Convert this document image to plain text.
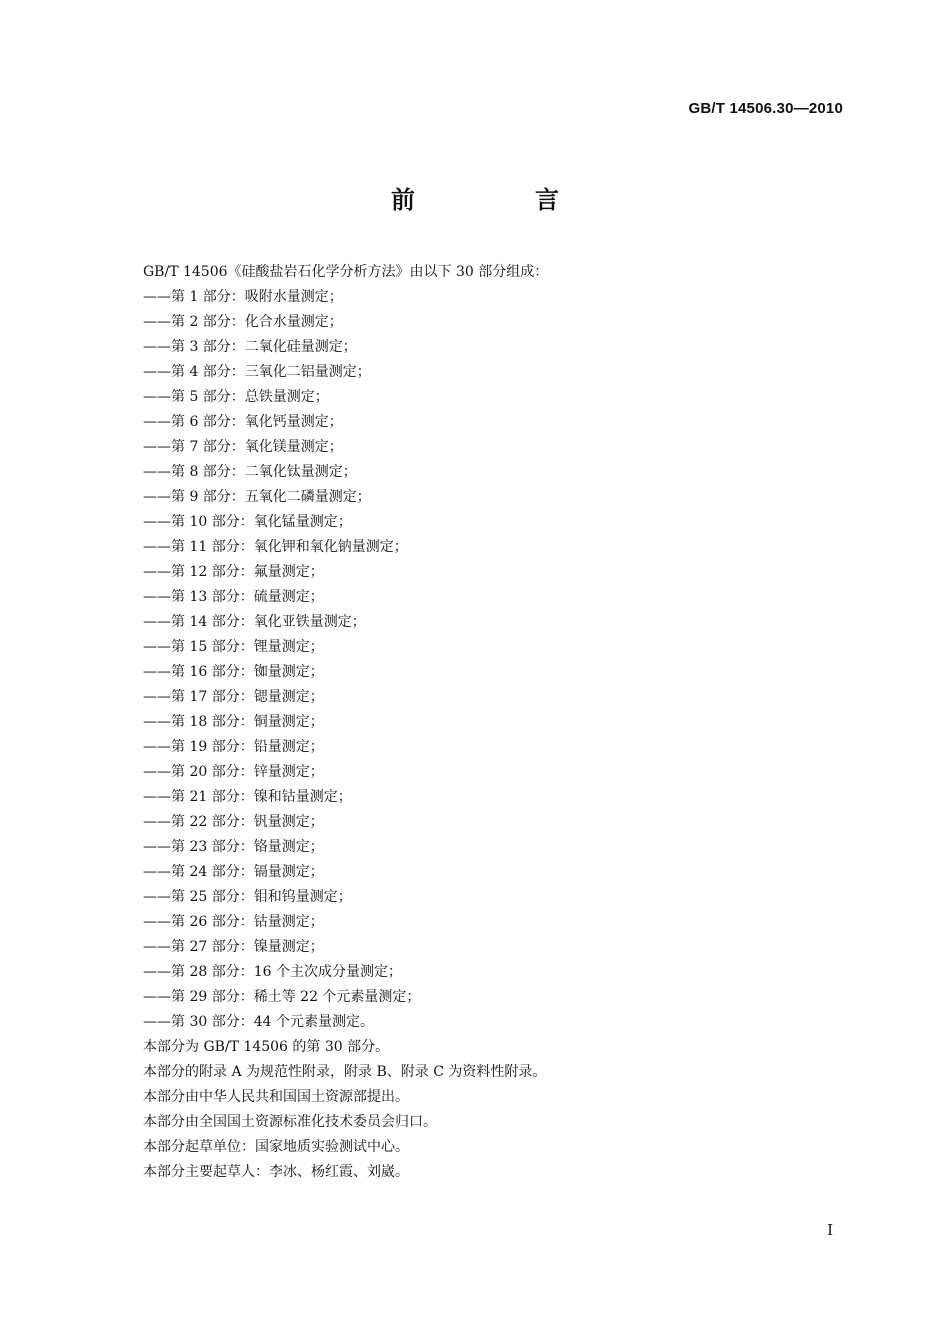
GB/T 14506.30—2010
前　言
GB/T 14506《硅酸盐岩石化学分析方法》由以下 30 部分组成：
——第 1 部分：吸附水量测定；
——第 2 部分：化合水量测定；
——第 3 部分：二氧化硅量测定；
——第 4 部分：三氧化二铝量测定；
——第 5 部分：总铁量测定；
——第 6 部分：氧化钙量测定；
——第 7 部分：氧化镁量测定；
——第 8 部分：二氧化钛量测定；
——第 9 部分：五氧化二磷量测定；
——第 10 部分：氧化锰量测定；
——第 11 部分：氧化钾和氧化钠量测定；
——第 12 部分：氟量测定；
——第 13 部分：硫量测定；
——第 14 部分：氧化亚铁量测定；
——第 15 部分：锂量测定；
——第 16 部分：铷量测定；
——第 17 部分：锶量测定；
——第 18 部分：铜量测定；
——第 19 部分：铅量测定；
——第 20 部分：锌量测定；
——第 21 部分：镍和钴量测定；
——第 22 部分：钒量测定；
——第 23 部分：铬量测定；
——第 24 部分：镉量测定；
——第 25 部分：钼和钨量测定；
——第 26 部分：钴量测定；
——第 27 部分：镍量测定；
——第 28 部分：16 个主次成分量测定；
——第 29 部分：稀土等 22 个元素量测定；
——第 30 部分：44 个元素量测定。
本部分为 GB/T 14506 的第 30 部分。
本部分的附录 A 为规范性附录，附录 B、附录 C 为资料性附录。
本部分由中华人民共和国国土资源部提出。
本部分由全国国土资源标准化技术委员会归口。
本部分起草单位：国家地质实验测试中心。
本部分主要起草人：李冰、杨红霞、刘崴。
I
